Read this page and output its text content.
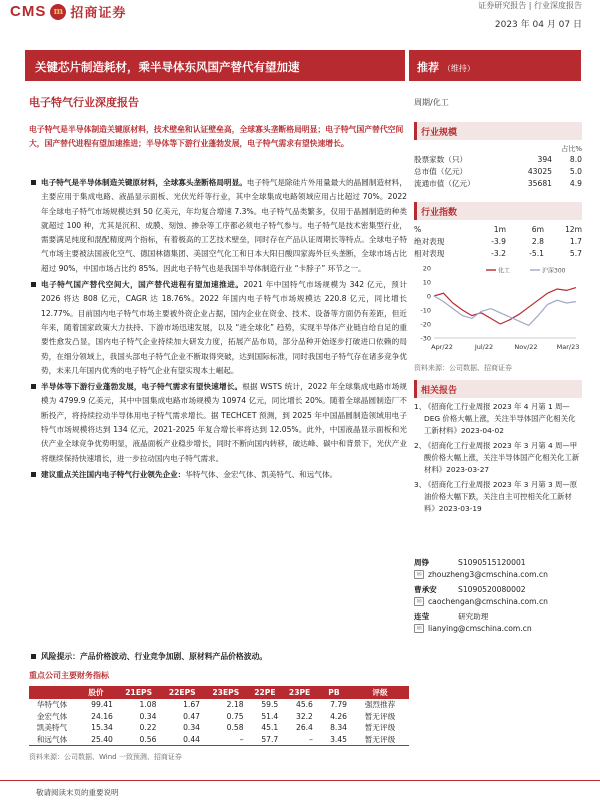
CMS m 招商证券
证券研究报告 | 行业深度报告
2023 年 04 月 07 日
关键芯片制造耗材，乘半导体东风国产替代有望加速	推荐 （维持）
电子特气行业深度报告	周期/化工
电子特气是半导体制造关键原材料，技术壁垒和认证壁垒高，全球寡头垄断格局明显；电子特气国产替代空间大，国产替代进程有望加速推进；半导体等下游行业蓬勃发展，电子特气需求有望快速增长。
电子特气是半导体制造关键原材料，全球寡头垄断格局明显。电子特气是除硅片外用量最大的晶圆制造材料，主要应用于集成电路、液晶显示面板、光伏光纤等行业，其中全球集成电路领域应用占比超过 70%。2022 年全球电子特气市场规模达到 50 亿美元，年均复合增速 7.3%。电子特气品类繁多，仅用于晶圆制造的种类就超过 100 种，尤其是沉积、成膜、刻蚀、掺杂等工序都必须电子特气参与。电子特气是技术密集型行业，需要满足纯度和混配精度两个指标，有着极高的工艺技术壁垒，同时存在产品认证周期长等特点。全球电子特气市场主要被法国液化空气、德国林德集团、美国空气化工和日本大阳日酸四家海外巨头垄断，全球市场占比超过 90%，中国市场占比约 85%。因此电子特气也是我国半导体制造行业 “卡脖子” 环节之一。
电子特气国产替代空间大，国产替代进程有望加速推进。2021 年中国特气市场规模为 342 亿元，预计 2026 将达 808 亿元，CAGR 达 18.76%。2022 年国内电子特气市场规模达 220.8 亿元，同比增长 12.77%。目前国内电子特气市场主要被外资企业占据，国内企业在资金、技术、设备等方面仍有差距，但近年来，随着国家政策大力扶持、下游市场迅速发展，以及 “进全球化” 趋势，实现半导体产业链自给自足的重要性愈发凸显，国内电子特气企业持续加大研发力度，拓展产品布局，部分品种开始逐步打破进口依赖的局势，在细分领域上，我国头部电子特气企业不断取得突破，达到国际标准，同时我国电子特气存在诸多竞争优势，未来几年国内优秀的电子特气企业有望实现本土崛起。
半导体等下游行业蓬勃发展，电子特气需求有望快速增长。根据 WSTS 统计，2022 年全球集成电路市场规模为 4799.9 亿美元，其中中国集成电路市场规模为 10974 亿元，同比增长 20%。随着全球晶圆制造厂不断投产，将持续拉动半导体用电子特气需求增长。据 TECHCET 预测，到 2025 年中国晶圆制造领域用电子特气市场规模将达到 134 亿元，2021-2025 年复合增长率将达到 12.05%。此外，中国液晶显示面板和光伏产业全球竞争优势明显，液晶面板产业稳步增长，同时不断向国内转移，破达峰、碳中和背景下，光伏产业将继续保持快速增长，进一步拉动国内电子特气需求。
建议重点关注国内电子特气行业领先企业：华特气体、金宏气体、凯美特气、和远气体。
风险提示：产品价格波动、行业竞争加剧、原材料产品价格波动。
重点公司主要财务指标
	股价	21EPS	22EPS	23EPS	22PE	23PE	PB	评级
华特气体	99.41	1.08	1.67	2.18	59.5	45.6	7.79	强烈推荐
金宏气体	24.16	0.34	0.47	0.75	51.4	32.2	4.26	暂无评级
凯美特气	15.34	0.22	0.34	0.58	45.1	26.4	8.34	暂无评级
和远气体	25.40	0.56	0.44	–	57.7	–	3.45	暂无评级
资料来源：公司数据、Wind 一致预测、招商证券
行业规模
占比%
股票家数（只）	394	8.0
总市值（亿元）	43025	5.0
流通市值（亿元）	35681	4.9
行业指数
%	1m	6m	12m
绝对表现	-3.9	2.8	1.7
相对表现	-3.2	-5.1	5.7
20
10
0
-10
-20
-30
Apr/22	Jul/22	Nov/22	Mar/23
化工	沪深300
资料来源：公司数据、招商证券
相关报告
1、
《招商化工行业周报 2023 年 4 月第 1 周—DEG 价格大幅上涨，关注半导体国产化相关化工新材料》2023-04-02
2、
《招商化工行业周报 2023 年 3 月第 4 周—甲酸价格大幅上涨，关注半导体国产化相关化工新材料》2023-03-27
3、
《招商化工行业周报 2023 年 3 月第 3 周—原油价格大幅下跌，关注自主可控相关化工新材料》2023-03-19
周铮	S1090515120001
✉ zhouzheng3@cmschina.com.cn
曹承安	S1090520080002
✉ caochengan@cmschina.com.cn
连莹	研究助理
✉ lianying@cmschina.com.cn
敬请阅读末页的重要说明
